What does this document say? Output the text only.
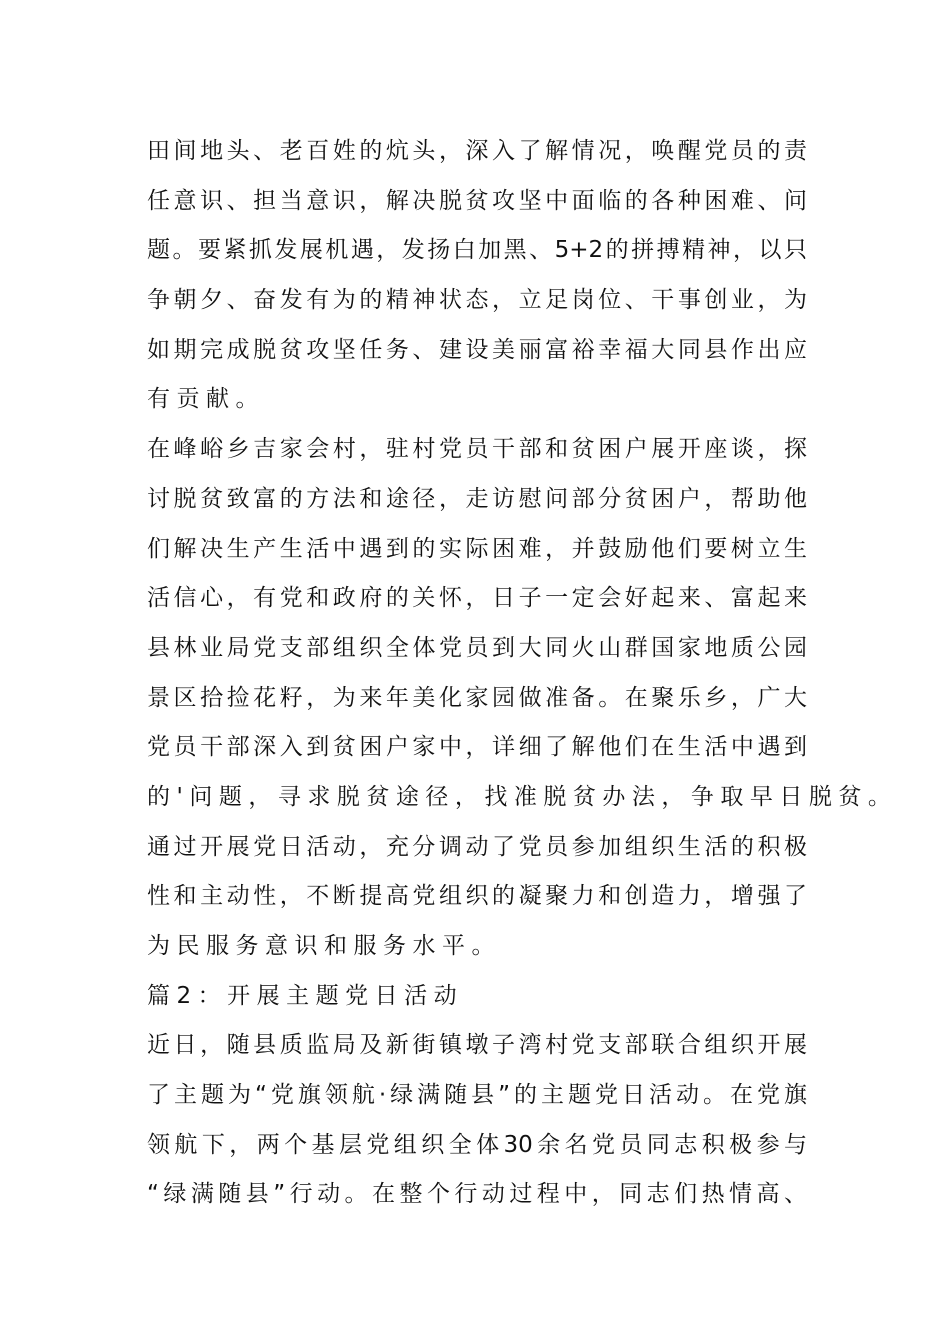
田间地头、老百姓的炕头，深入了解情况，唤醒党员的责
任意识、担当意识，解决脱贫攻坚中面临的各种困难、问
题。要紧抓发展机遇，发扬白加黑、5+2的拼搏精神，以只
争朝夕、奋发有为的精神状态，立足岗位、干事创业，为
如期完成脱贫攻坚任务、建设美丽富裕幸福大同县作出应
有贡献。
在峰峪乡吉家会村，驻村党员干部和贫困户展开座谈，探
讨脱贫致富的方法和途径，走访慰问部分贫困户，帮助他
们解决生产生活中遇到的实际困难，并鼓励他们要树立生
活信心，有党和政府的关怀，日子一定会好起来、富起来
县林业局党支部组织全体党员到大同火山群国家地质公园
景区拾捡花籽，为来年美化家园做准备。在聚乐乡，广大
党员干部深入到贫困户家中，详细了解他们在生活中遇到
的'问题，寻求脱贫途径，找准脱贫办法，争取早日脱贫。
通过开展党日活动，充分调动了党员参加组织生活的积极
性和主动性，不断提高党组织的凝聚力和创造力，增强了
为民服务意识和服务水平。
篇2：开展主题党日活动
近日，随县质监局及新街镇墩子湾村党支部联合组织开展
了主题为“党旗领航·绿满随县”的主题党日活动。在党旗
领航下，两个基层党组织全体30余名党员同志积极参与
“绿满随县”行动。在整个行动过程中，同志们热情高、
